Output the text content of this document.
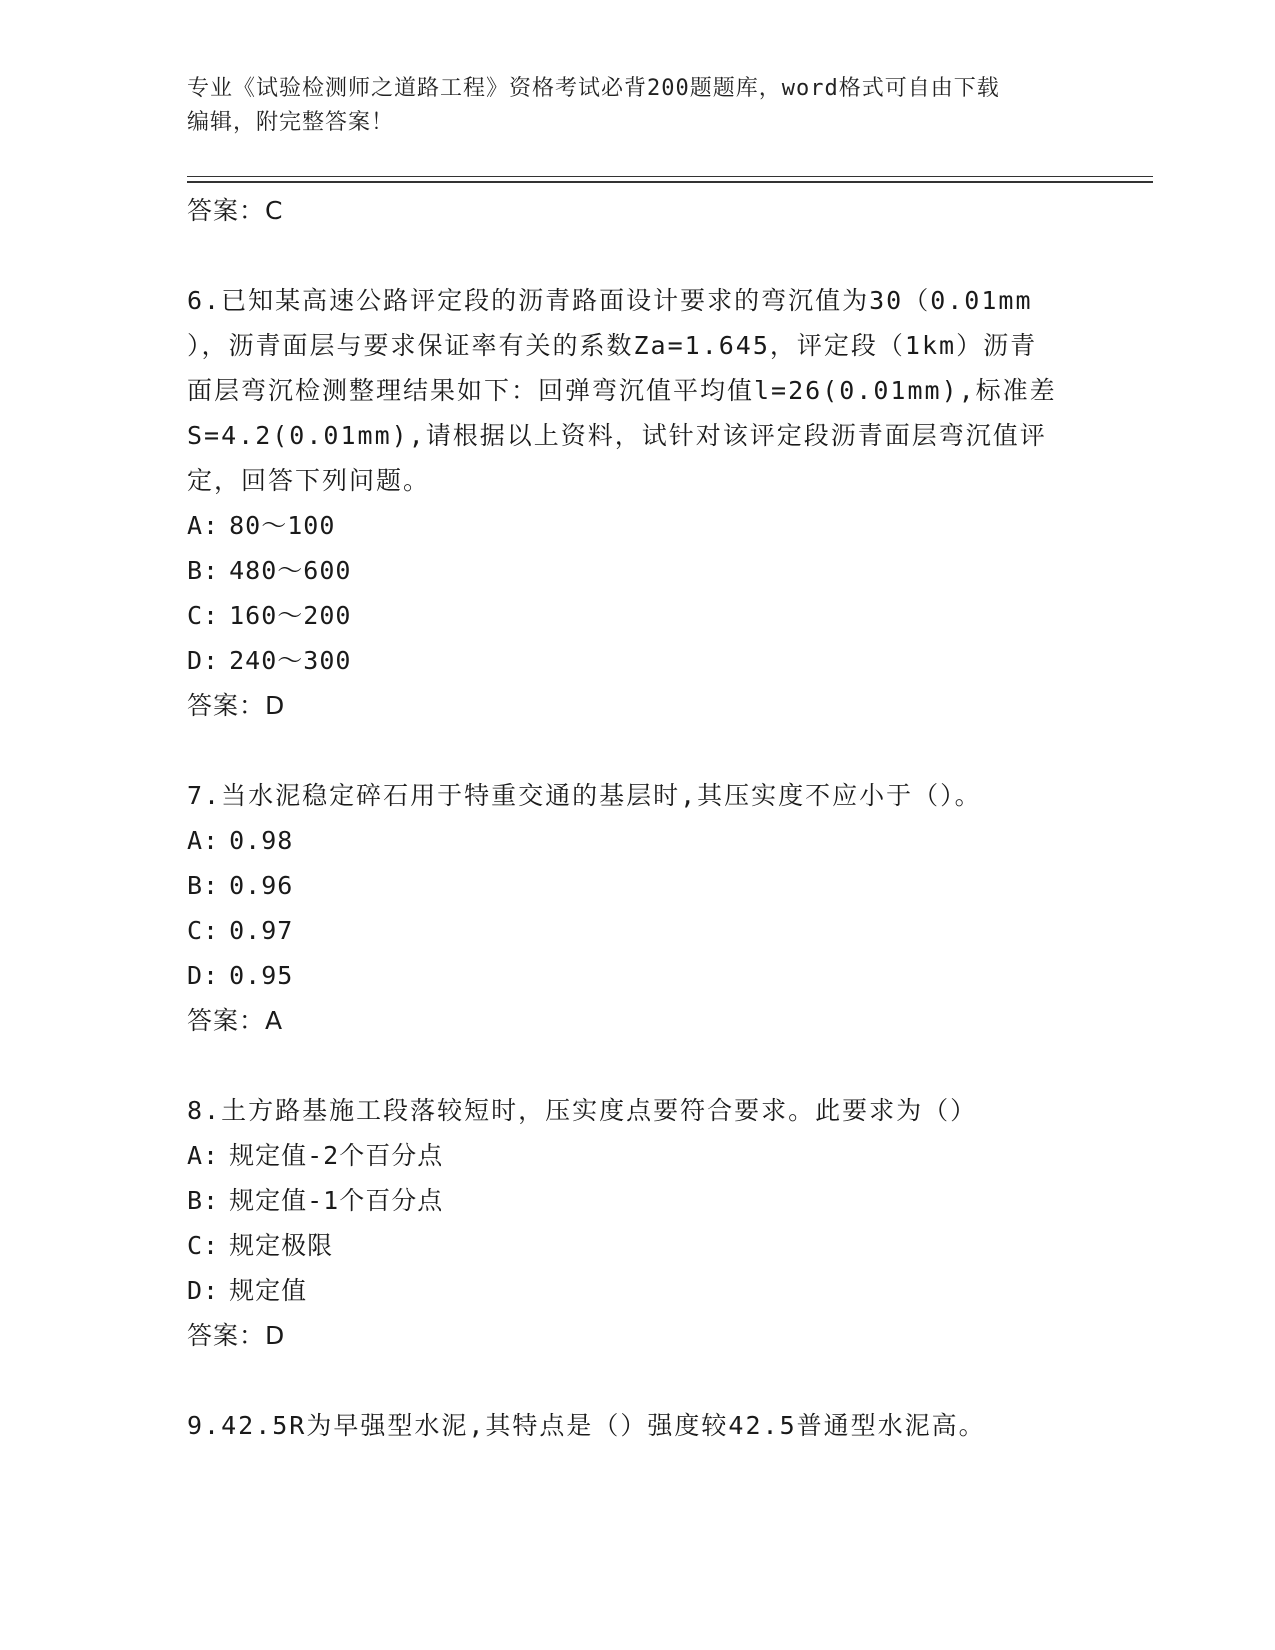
专业《试验检测师之道路工程》资格考试必背200题题库，word格式可自由下载
编辑，附完整答案！
答案：C
6.已知某高速公路评定段的沥青路面设计要求的弯沉值为30（0.01mm
），沥青面层与要求保证率有关的系数Za=1.645，评定段（1km）沥青
面层弯沉检测整理结果如下：回弹弯沉值平均值l=26(0.01mm),标准差
S=4.2(0.01mm),请根据以上资料，试针对该评定段沥青面层弯沉值评
定，回答下列问题。
A: 80～100
B: 480～600
C: 160～200
D: 240～300
答案：D
7.当水泥稳定碎石用于特重交通的基层时,其压实度不应小于（）。
A: 0.98
B: 0.96
C: 0.97
D: 0.95
答案：A
8.土方路基施工段落较短时，压实度点要符合要求。此要求为（）
A: 规定值-2个百分点
B: 规定值-1个百分点
C: 规定极限
D: 规定值
答案：D
9.42.5R为早强型水泥,其特点是（）强度较42.5普通型水泥高。
